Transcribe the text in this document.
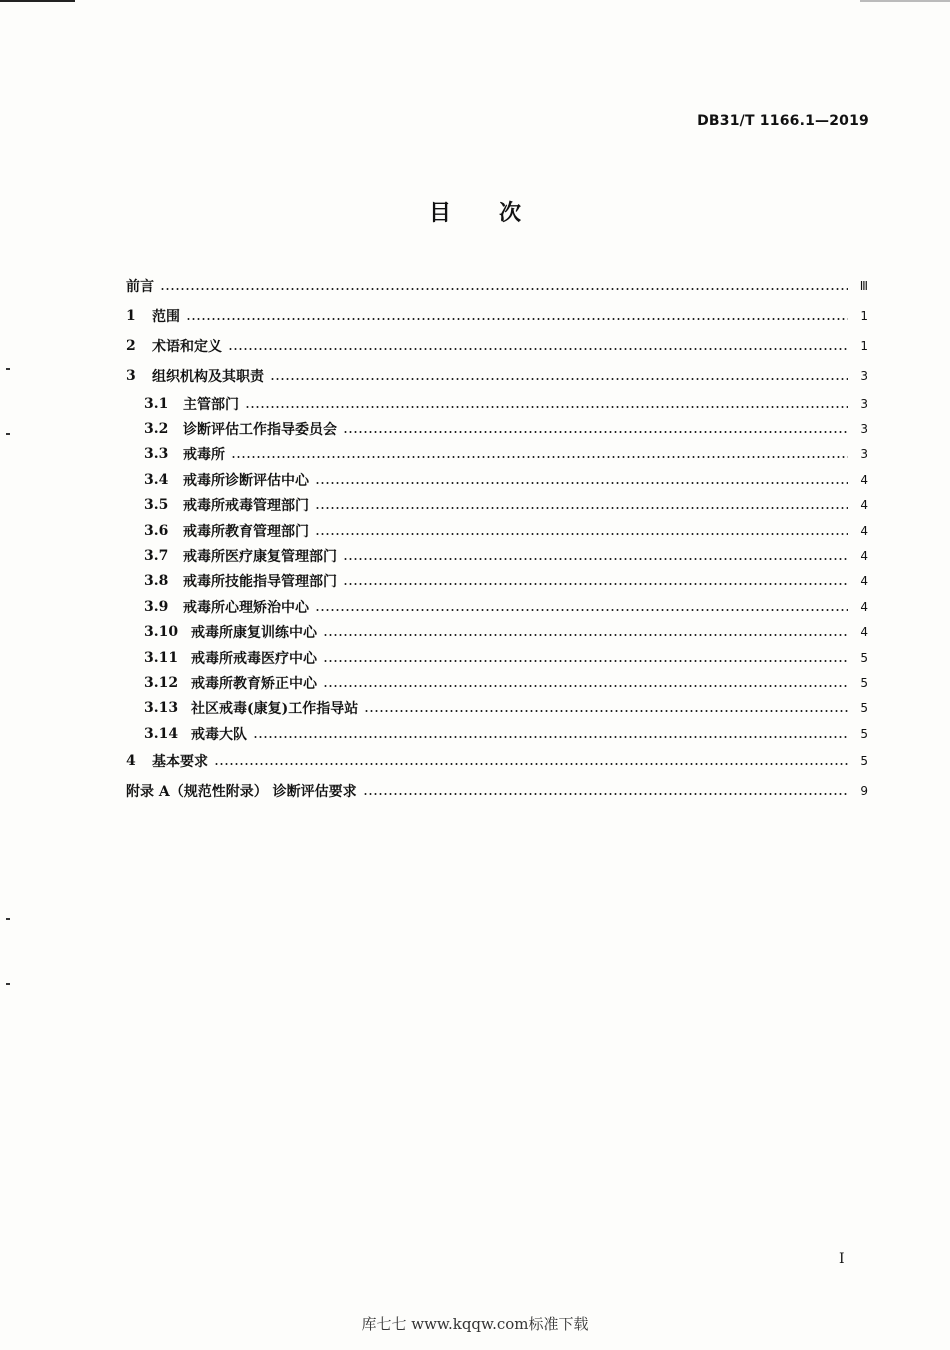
DB31/T 1166.1—2019
目 次
前言	Ⅲ
1	范围	1
2	术语和定义	1
3	组织机构及其职责	3
3.1	主管部门	3
3.2	诊断评估工作指导委员会	3
3.3	戒毒所	3
3.4	戒毒所诊断评估中心	4
3.5	戒毒所戒毒管理部门	4
3.6	戒毒所教育管理部门	4
3.7	戒毒所医疗康复管理部门	4
3.8	戒毒所技能指导管理部门	4
3.9	戒毒所心理矫治中心	4
3.10 戒毒所康复训练中心	4
3.11 戒毒所戒毒医疗中心	5
3.12 戒毒所教育矫正中心	5
3.13 社区戒毒(康复)工作指导站	5
3.14 戒毒大队	5
4	基本要求	5
附录 A（规范性附录） 诊断评估要求	9
I
库七七 www.kqqw.com标准下载
